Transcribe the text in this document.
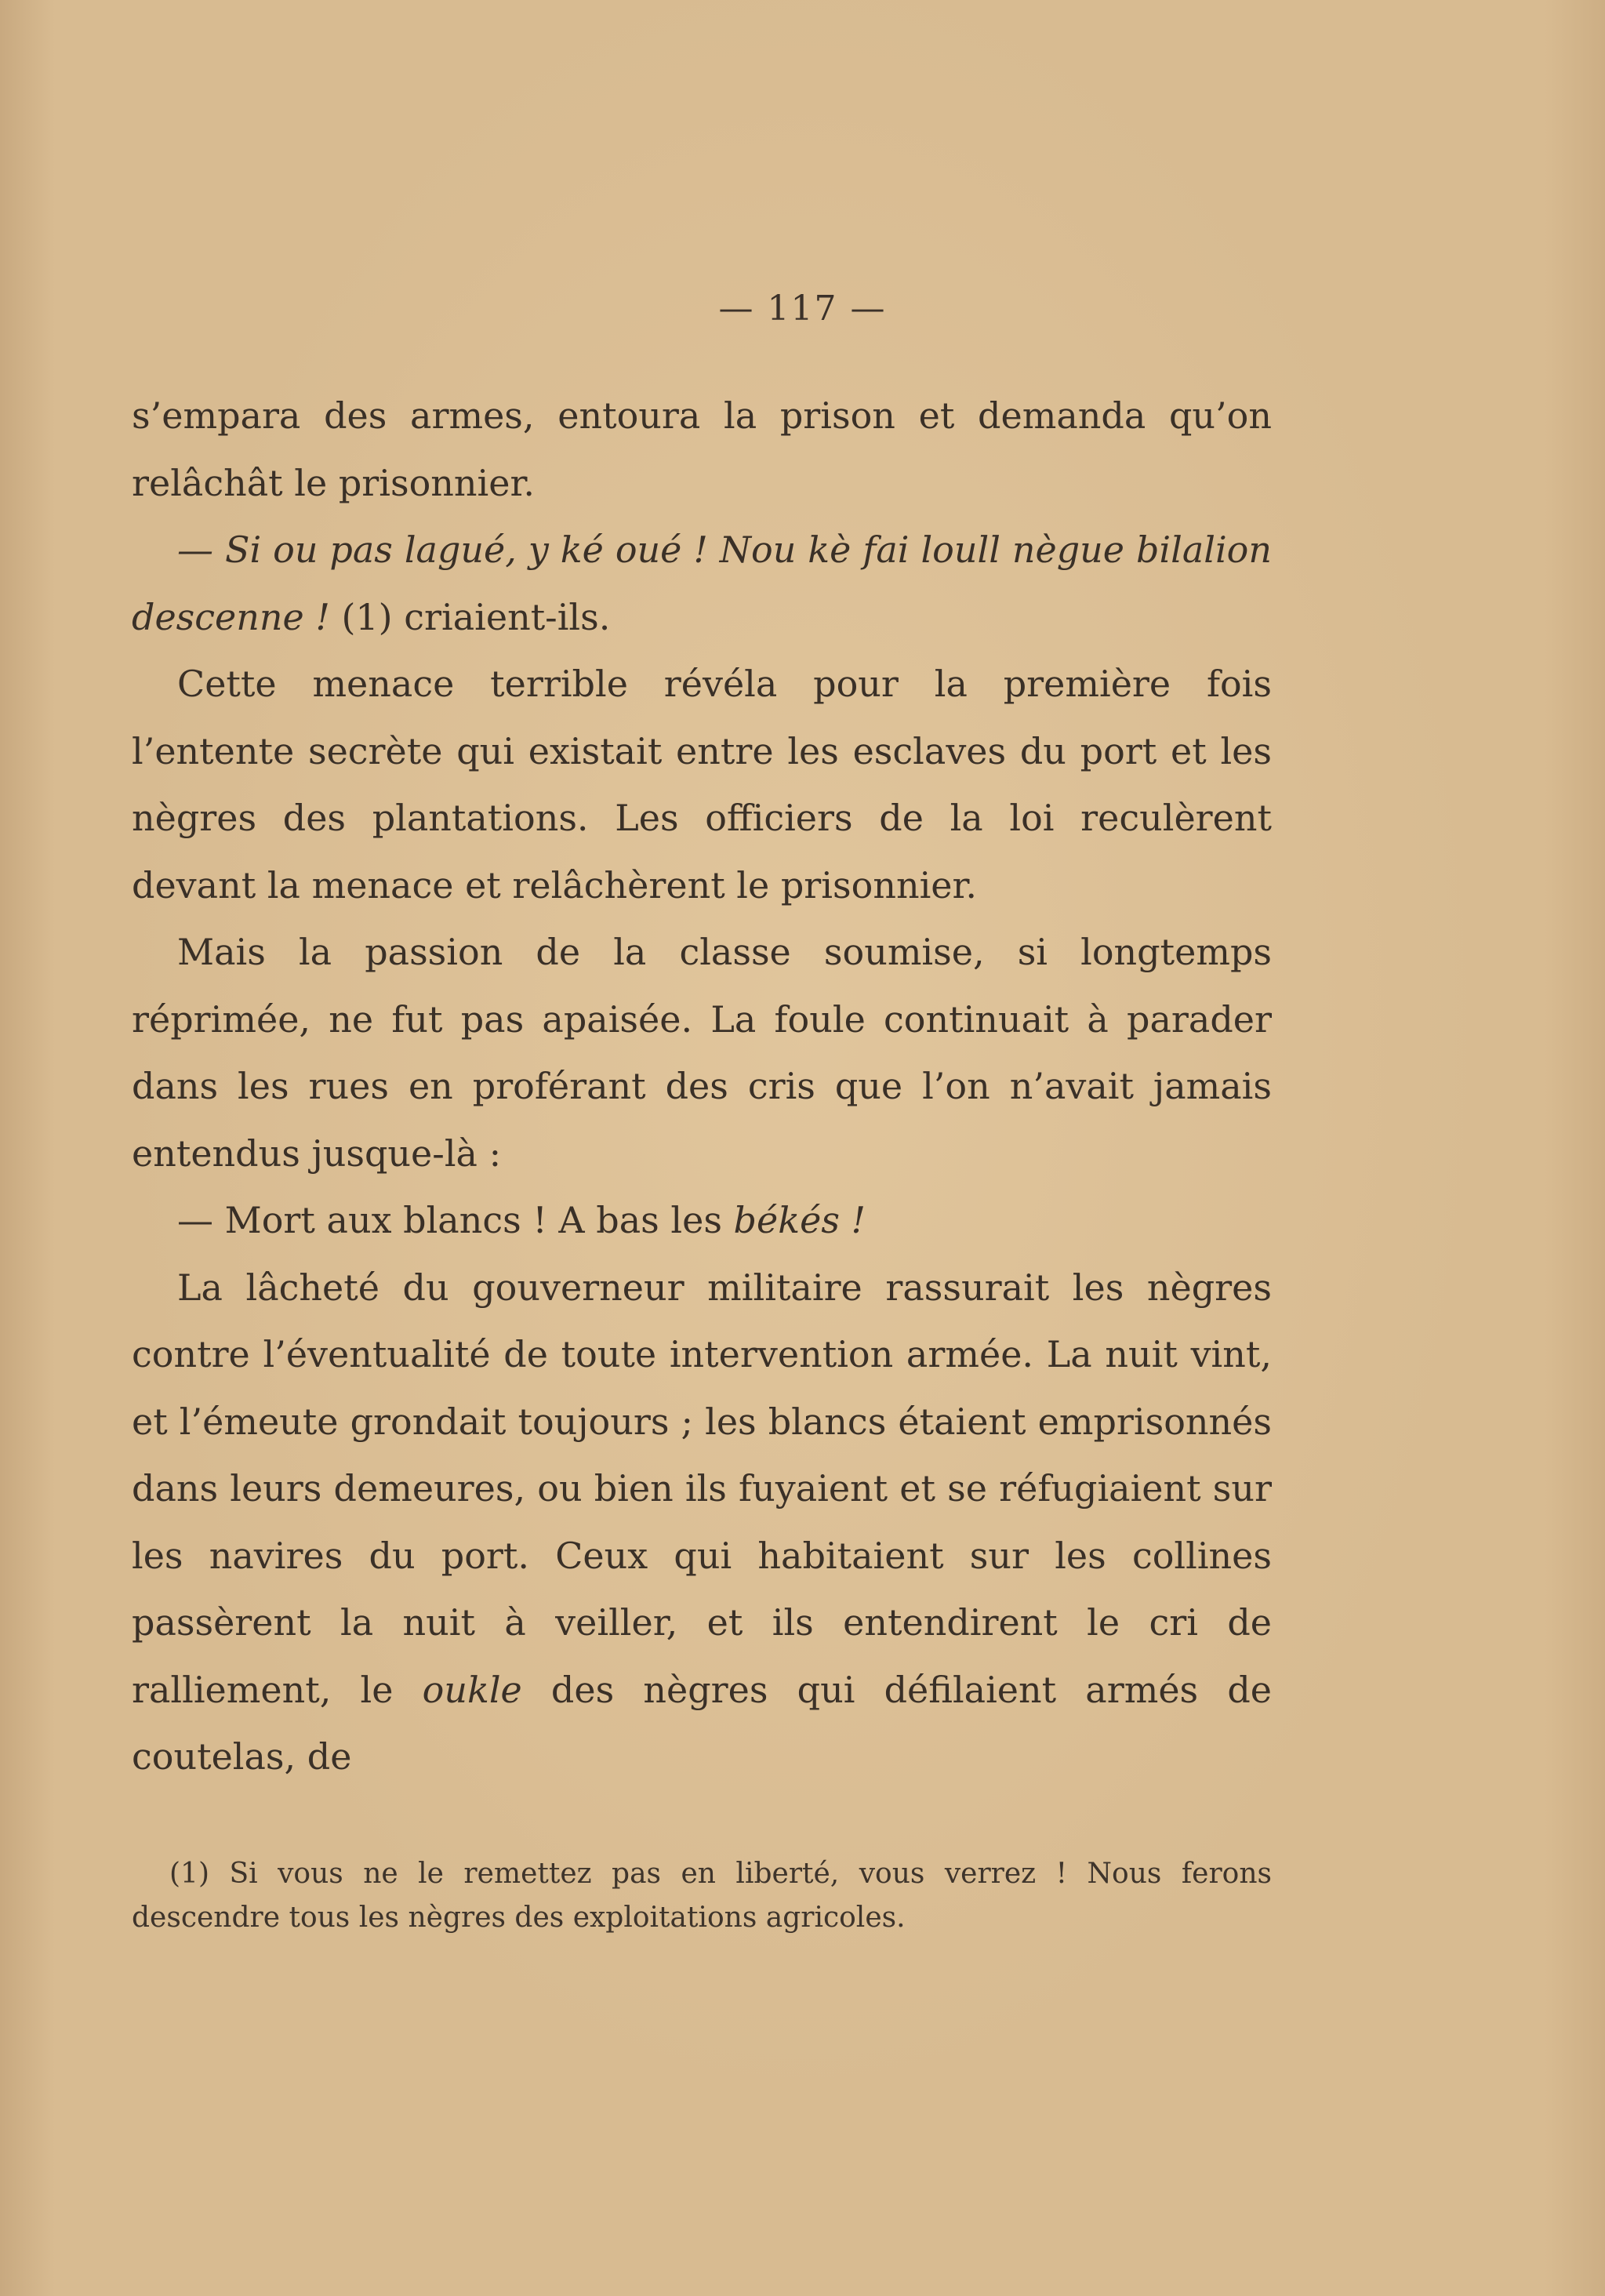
— 117 —

s’empara des armes, entoura la prison et demanda qu’on relâchât le prisonnier.

— Si ou pas lagué, y ké oué ! Nou kè fai loull nègue bilalion descenne ! (1) criaient-ils.

Cette menace terrible révéla pour la première fois l’entente secrète qui existait entre les esclaves du port et les nègres des plantations. Les officiers de la loi reculèrent devant la menace et relâchèrent le prisonnier.

Mais la passion de la classe soumise, si longtemps réprimée, ne fut pas apaisée. La foule continuait à parader dans les rues en proférant des cris que l’on n’avait jamais entendus jusque-là :

— Mort aux blancs ! A bas les békés !

La lâcheté du gouverneur militaire rassurait les nègres contre l’éventualité de toute intervention armée. La nuit vint, et l’émeute grondait toujours ; les blancs étaient emprisonnés dans leurs demeures, ou bien ils fuyaient et se réfugiaient sur les navires du port. Ceux qui habitaient sur les collines passèrent la nuit à veiller, et ils entendirent le cri de ralliement, le oukle des nègres qui défilaient armés de coutelas, de

(1) Si vous ne le remettez pas en liberté, vous verrez ! Nous ferons descendre tous les nègres des exploitations agricoles.
